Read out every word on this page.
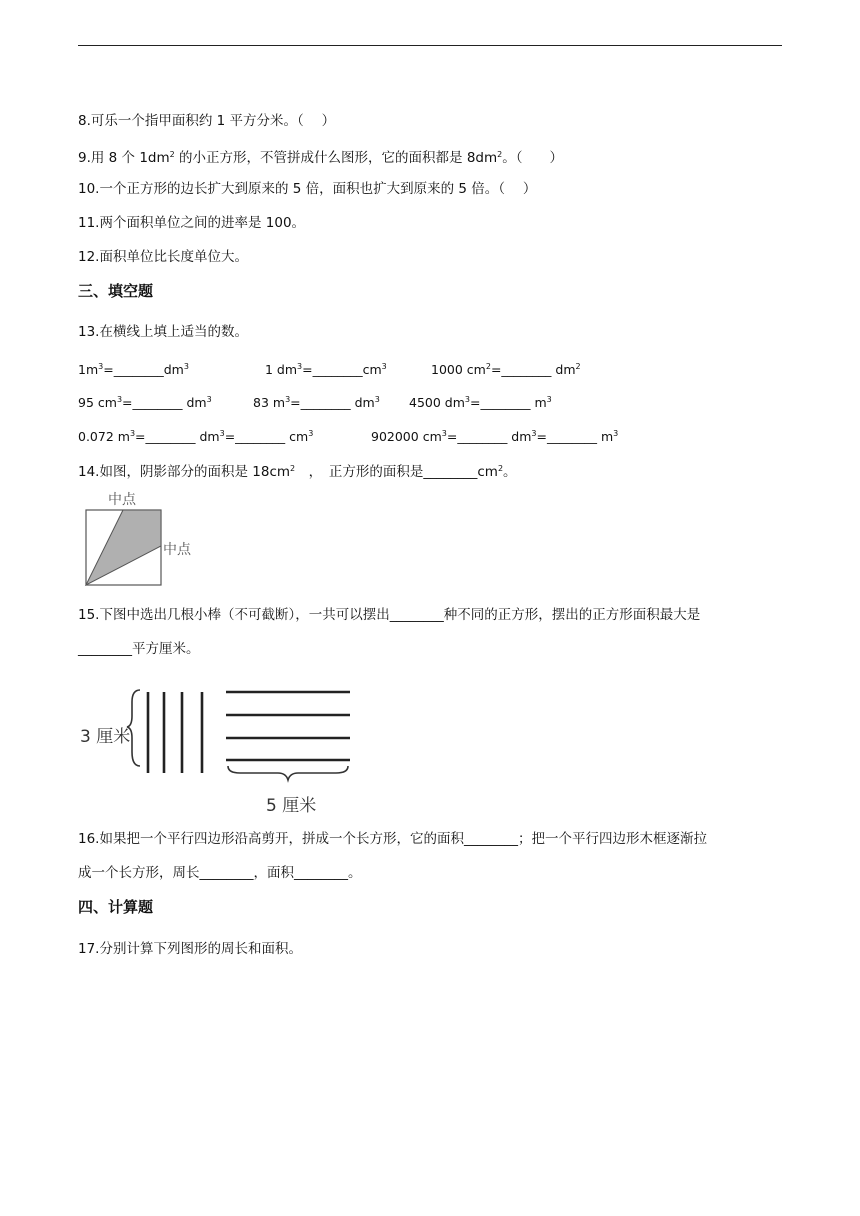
8.可乐一个指甲面积约 1 平方分米。（ 　）
9.用 8 个 $1dm^2$ 的小正方形，不管拼成什么图形，它的面积都是 $8dm^2$。（　　）
10.一个正方形的边长扩大到原来的 5 倍，面积也扩大到原来的 5 倍。（　 ）
11.两个面积单位之间的进率是 100。
12.面积单位比长度单位大。
三、填空题
13.在横线上填上适当的数。
$1m^3=\_\_\_\_\_\_\_\_dm^3$	1 $dm^3=\_\_\_\_\_\_\_\_cm^3$	1000 $cm^2=\_\_\_\_\_\_\_\_$ $dm^2$
95 $cm^3=\_\_\_\_\_\_\_\_$ $dm^3$	83 $m^3=\_\_\_\_\_\_\_\_$ $dm^3$ 4500 $dm^3=\_\_\_\_\_\_\_\_$ $m^3$
0.072 $m^3=\_\_\_\_\_\_\_\_$ $dm^3=\_\_\_\_\_\_\_\_$ $cm^3$	902000 $cm^3=\_\_\_\_\_\_\_\_$ $dm^3=\_\_\_\_\_\_\_\_$ $m^3$
14.如图，阴影部分的面积是 $18cm^2$　，　正方形的面积是$\_\_\_\_\_\_\_\_cm^2$。
中点
中点
15.下图中选出几根小棒（不可截断），一共可以摆出________种不同的正方形，摆出的正方形面积最大是
________平方厘米。
3 厘米
5 厘米
16.如果把一个平行四边形沿高剪开，拼成一个长方形，它的面积________；把一个平行四边形木框逐渐拉
成一个长方形，周长________，面积________。
四、计算题
17.分别计算下列图形的周长和面积。
